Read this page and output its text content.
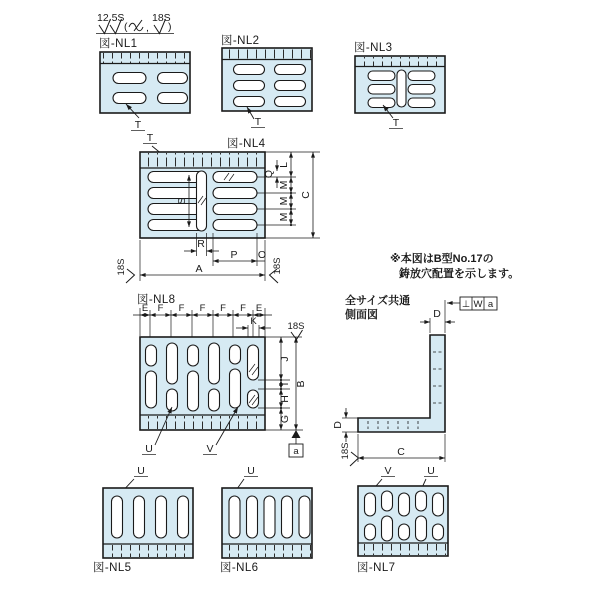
12.5S
( ,
18S
)
図-NL1
T
図-NL2
T
図-NL3
T
T	図-NL4
S
L
Q
M
M
M
C
R
P O
A
18S	18S	※本図はB型No.17の
鋳放穴配置を示します。
図-NL8
E F F F F F E
K	18S
J
I
H
G
B
a
U	V
全サイズ共通
側面図
⊥ W a
D
D
C
18S
U
図-NL5
U
図-NL6
V	U
図-NL7
